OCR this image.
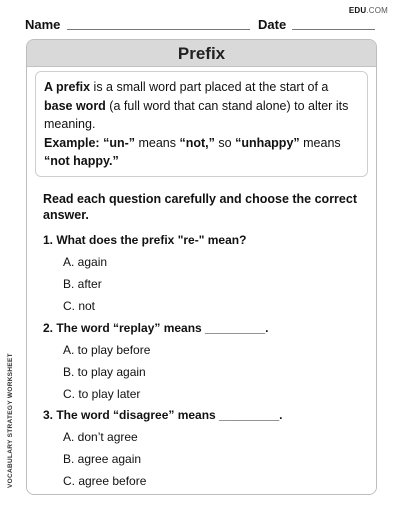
EDU.COM
Name	Date
Prefix
A prefix is a small word part placed at the start of a base word (a full word that can stand alone) to alter its meaning.
Example: “un-” means “not,” so “unhappy” means “not happy.”
Read each question carefully and choose the correct answer.
1. What does the prefix "re-" mean?
A. again
B. after
C. not
2. The word “replay” means _________.
A. to play before
B. to play again
C. to play later
3. The word “disagree” means _________.
A. don’t agree
B. agree again
C. agree before
VOCABULARY STRATEGY WORKSHEET
